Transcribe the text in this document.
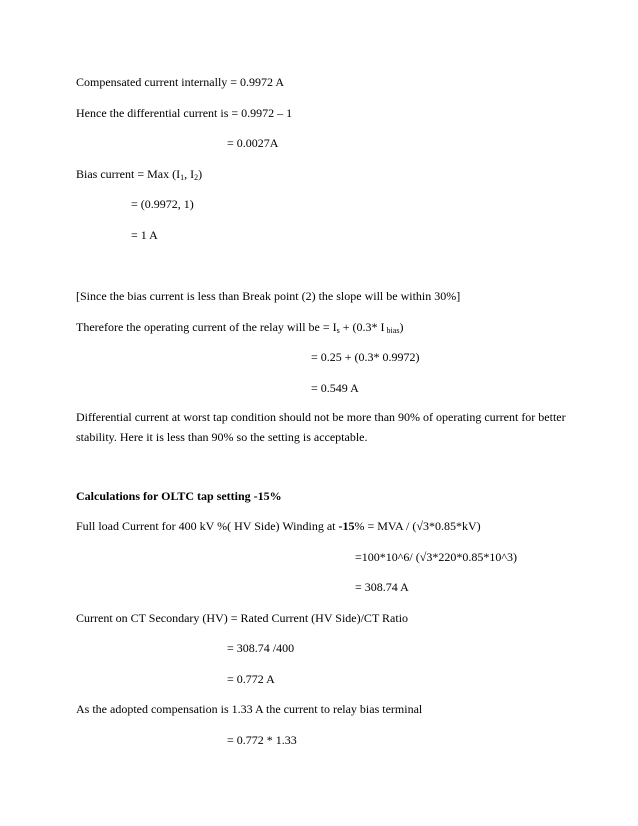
Compensated current internally = 0.9972 A
Hence the differential current is = 0.9972 – 1
= 0.0027A
Bias current = Max ($I_1$, $I_2$)
= (0.9972, 1)
= 1 A
[Since the bias current is less than Break point (2) the slope will be within 30%]
Therefore the operating current of the relay will be = $I_s + (0.3*$ I $_{bias}$)
= 0.25 + (0.3* 0.9972)
= 0.549 A
Differential current at worst tap condition should not be more than 90% of operating current for better
stability. Here it is less than 90% so the setting is acceptable.
Calculations for OLTC tap setting -15%
Full load Current for 400 kV %( HV Side) Winding at -15% = MVA / (√3*0.85*kV)
=100*10^6/ (√3*220*0.85*10^3)
= 308.74 A
Current on CT Secondary (HV) = Rated Current (HV Side)/CT Ratio
= 308.74 /400
= 0.772 A
As the adopted compensation is 1.33 A the current to relay bias terminal
= 0.772 * 1.33
